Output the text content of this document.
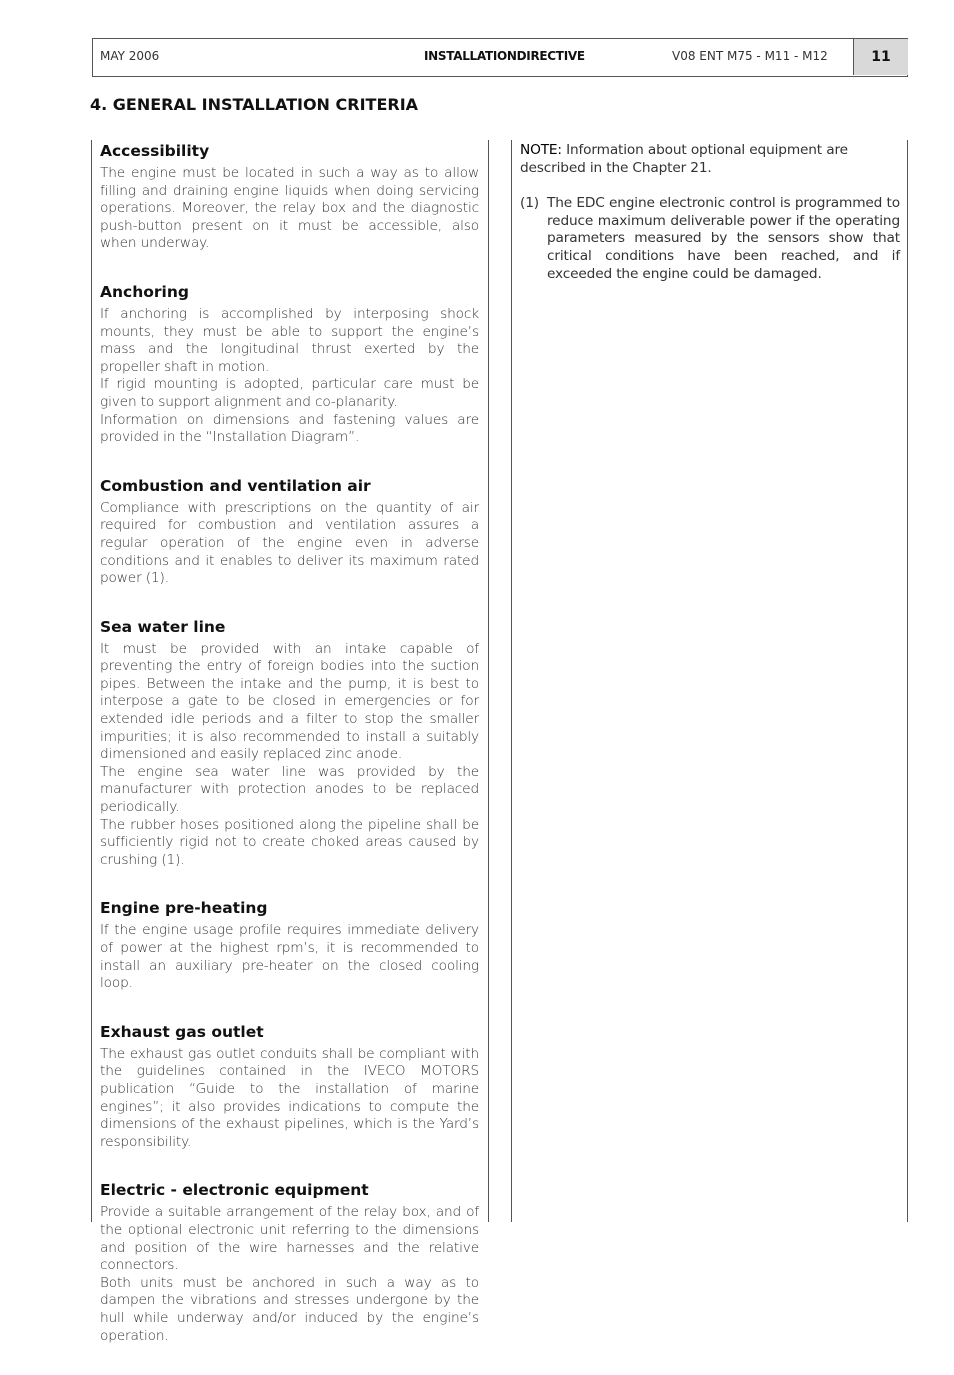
MAY 2006	INSTALLATIONDIRECTIVE	V08 ENT M75 - M11 - M12	11
4. GENERAL INSTALLATION CRITERIA
Accessibility

The engine must be located in such a way as to allow filling and draining engine liquids when doing servicing operations. Moreover, the relay box and the diagnostic push-button present on it must be accessible, also when underway.

Anchoring

If anchoring is accomplished by interposing shock mounts, they must be able to support the engine’s mass and the longitudinal thrust exerted by the propeller shaft in motion.
If rigid mounting is adopted, particular care must be given to support alignment and co-planarity.
Information on dimensions and fastening values are provided in the “Installation Diagram”.

Combustion and ventilation air

Compliance with prescriptions on the quantity of air required for combustion and ventilation assures a regular operation of the engine even in adverse conditions and it enables to deliver its maximum rated power (1).

Sea water line

It must be provided with an intake capable of preventing the entry of foreign bodies into the suction pipes. Between the intake and the pump, it is best to interpose a gate to be closed in emergencies or for extended idle periods and a filter to stop the smaller impurities; it is also recommended to install a suitably dimensioned and easily replaced zinc anode.
The engine sea water line was provided by the manufacturer with protection anodes to be replaced periodically.
The rubber hoses positioned along the pipeline shall be sufficiently rigid not to create choked areas caused by crushing (1).

Engine pre-heating

If the engine usage profile requires immediate delivery of power at the highest rpm’s, it is recommended to install an auxiliary pre-heater on the closed cooling loop.

Exhaust gas outlet

The exhaust gas outlet conduits shall be compliant with the guidelines contained in the IVECO MOTORS publication “Guide to the installation of marine engines”; it also provides indications to compute the dimensions of the exhaust pipelines, which is the Yard’s responsibility.

Electric - electronic equipment

Provide a suitable arrangement of the relay box, and of the optional electronic unit referring to the dimensions and position of the wire harnesses and the relative connectors.
Both units must be anchored in such a way as to dampen the vibrations and stresses undergone by the hull while underway and/or induced by the engine’s operation.

NOTE: Information about optional equipment are described in the Chapter 21.
(1) The EDC engine electronic control is programmed to reduce maximum deliverable power if the operating parameters measured by the sensors show that critical conditions have been reached, and if exceeded the engine could be damaged.
